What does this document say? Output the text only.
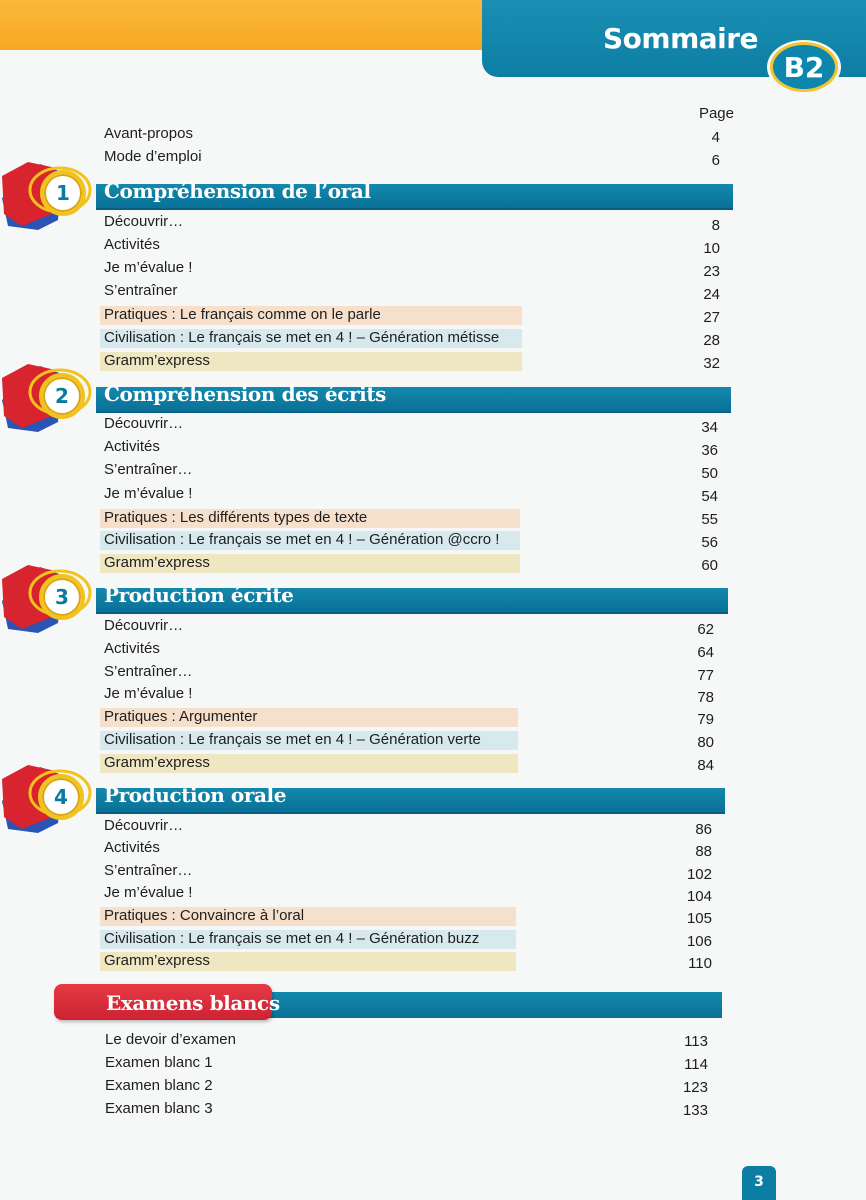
Sommaire
B2
Page
Avant-propos	4
Mode d’emploi	6
1	Compréhension de l’oral
Découvrir…	8
Activités	10
Je m’évalue !	23
S’entraîner	24
Pratiques : Le français comme on le parle	27
Civilisation : Le français se met en 4 ! – Génération métisse	28
Gramm’express	32
2	Compréhension des écrits
Découvrir…	34
Activités	36
S’entraîner…	50
Je m’évalue !	54
Pratiques : Les différents types de texte	55
Civilisation : Le français se met en 4 ! – Génération @ccro !	56
Gramm’express	60
3	Production écrite
Découvrir…	62
Activités	64
S’entraîner…	77
Je m’évalue !	78
Pratiques : Argumenter	79
Civilisation : Le français se met en 4 ! – Génération verte	80
Gramm’express	84
4	Production orale
Découvrir…	86
Activités	88
S’entraîner…	102
Je m’évalue !	104
Pratiques : Convaincre à l’oral	105
Civilisation : Le français se met en 4 ! – Génération buzz	106
Gramm’express	110
Examens blancs
Le devoir d’examen	113
Examen blanc 1	114
Examen blanc 2	123
Examen blanc 3	133
3
